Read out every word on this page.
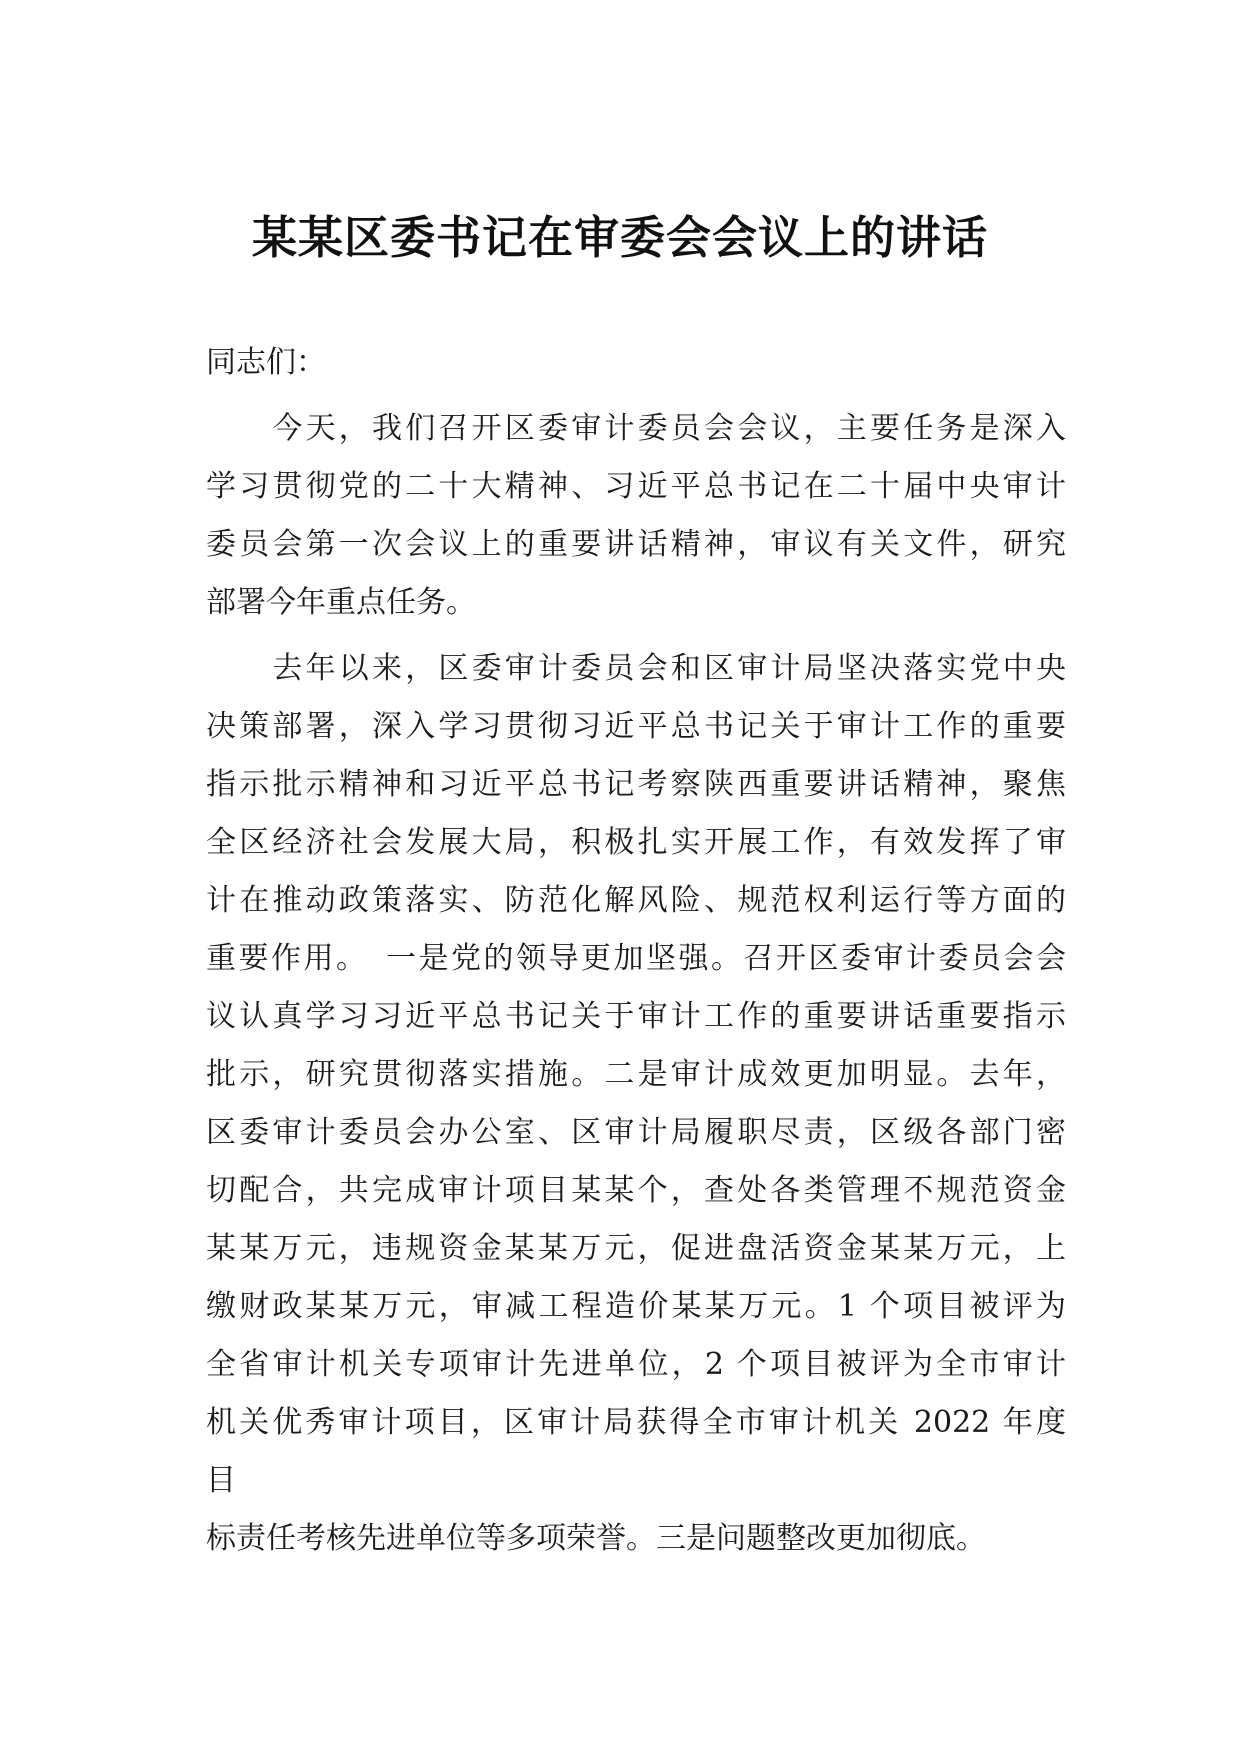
某某区委书记在审委会会议上的讲话
同志们：
　　今天，我们召开区委审计委员会会议，主要任务是深入
学习贯彻党的二十大精神、习近平总书记在二十届中央审计
委员会第一次会议上的重要讲话精神，审议有关文件，研究
部署今年重点任务。
　　去年以来，区委审计委员会和区审计局坚决落实党中央
决策部署，深入学习贯彻习近平总书记关于审计工作的重要
指示批示精神和习近平总书记考察陕西重要讲话精神，聚焦
全区经济社会发展大局，积极扎实开展工作，有效发挥了审
计在推动政策落实、防范化解风险、规范权利运行等方面的
重要作用。　一是党的领导更加坚强。召开区委审计委员会会
议认真学习习近平总书记关于审计工作的重要讲话重要指示
批示，研究贯彻落实措施。二是审计成效更加明显。去年，
区委审计委员会办公室、区审计局履职尽责，区级各部门密
切配合，共完成审计项目某某个，查处各类管理不规范资金
某某万元，违规资金某某万元，促进盘活资金某某万元，上
缴财政某某万元，审减工程造价某某万元。1 个项目被评为
全省审计机关专项审计先进单位，2 个项目被评为全市审计
机关优秀审计项目，区审计局获得全市审计机关 2022 年度
目
标责任考核先进单位等多项荣誉。三是问题整改更加彻底。
